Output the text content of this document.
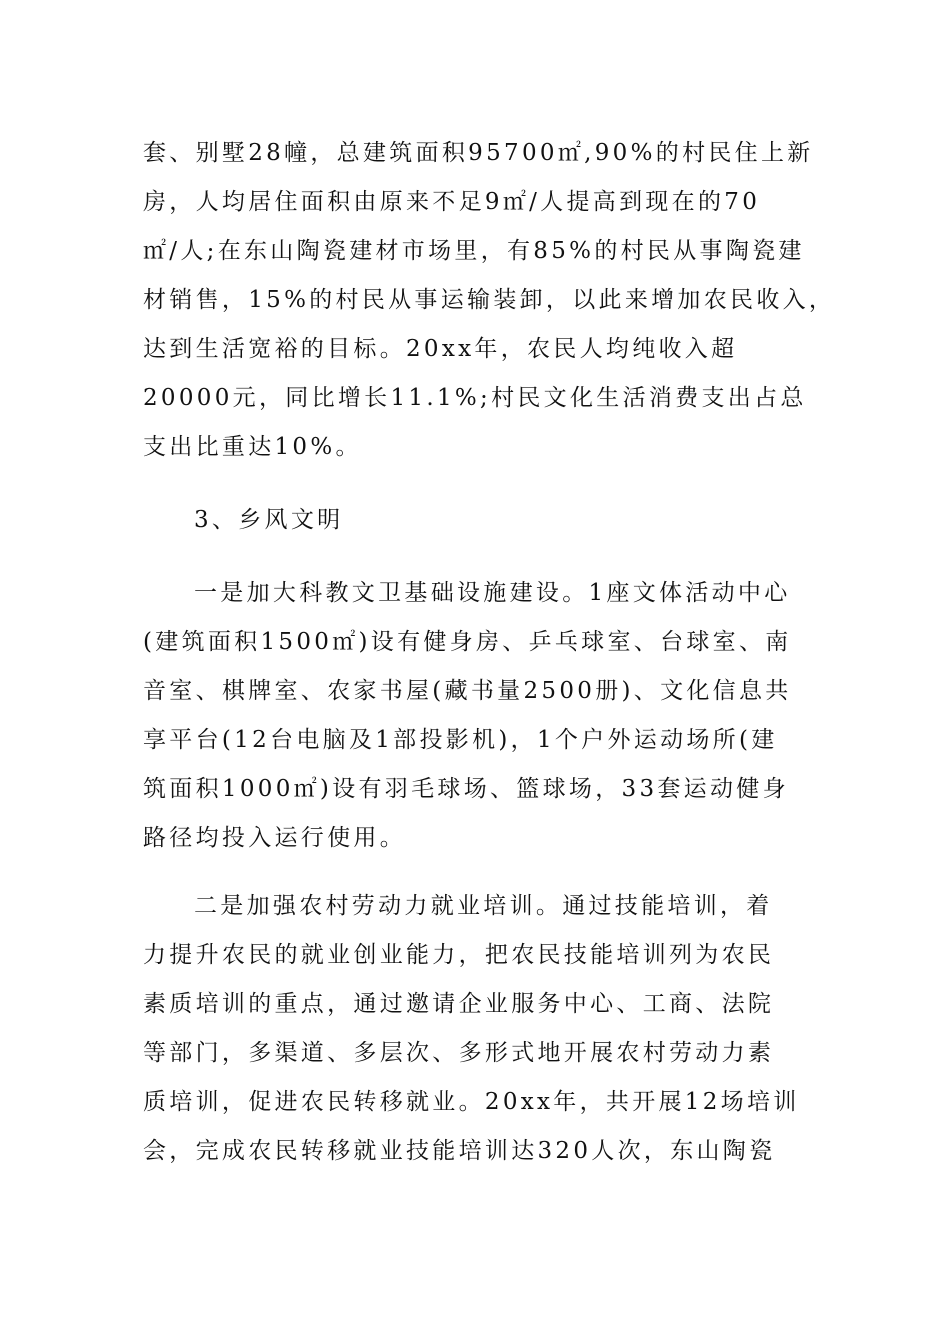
套、别墅28幢，总建筑面积95700㎡,90%的村民住上新
房，人均居住面积由原来不足9㎡/人提高到现在的70
㎡/人;在东山陶瓷建材市场里，有85%的村民从事陶瓷建
材销售，15%的村民从事运输装卸，以此来增加农民收入，
达到生活宽裕的目标。20xx年，农民人均纯收入超
20000元，同比增长11.1%;村民文化生活消费支出占总
支出比重达10%。
3、乡风文明
一是加大科教文卫基础设施建设。1座文体活动中心
(建筑面积1500㎡)设有健身房、乒乓球室、台球室、南
音室、棋牌室、农家书屋(藏书量2500册)、文化信息共
享平台(12台电脑及1部投影机)，1个户外运动场所(建
筑面积1000㎡)设有羽毛球场、篮球场，33套运动健身
路径均投入运行使用。
二是加强农村劳动力就业培训。通过技能培训，着
力提升农民的就业创业能力，把农民技能培训列为农民
素质培训的重点，通过邀请企业服务中心、工商、法院
等部门，多渠道、多层次、多形式地开展农村劳动力素
质培训，促进农民转移就业。20xx年，共开展12场培训
会，完成农民转移就业技能培训达320人次，东山陶瓷
